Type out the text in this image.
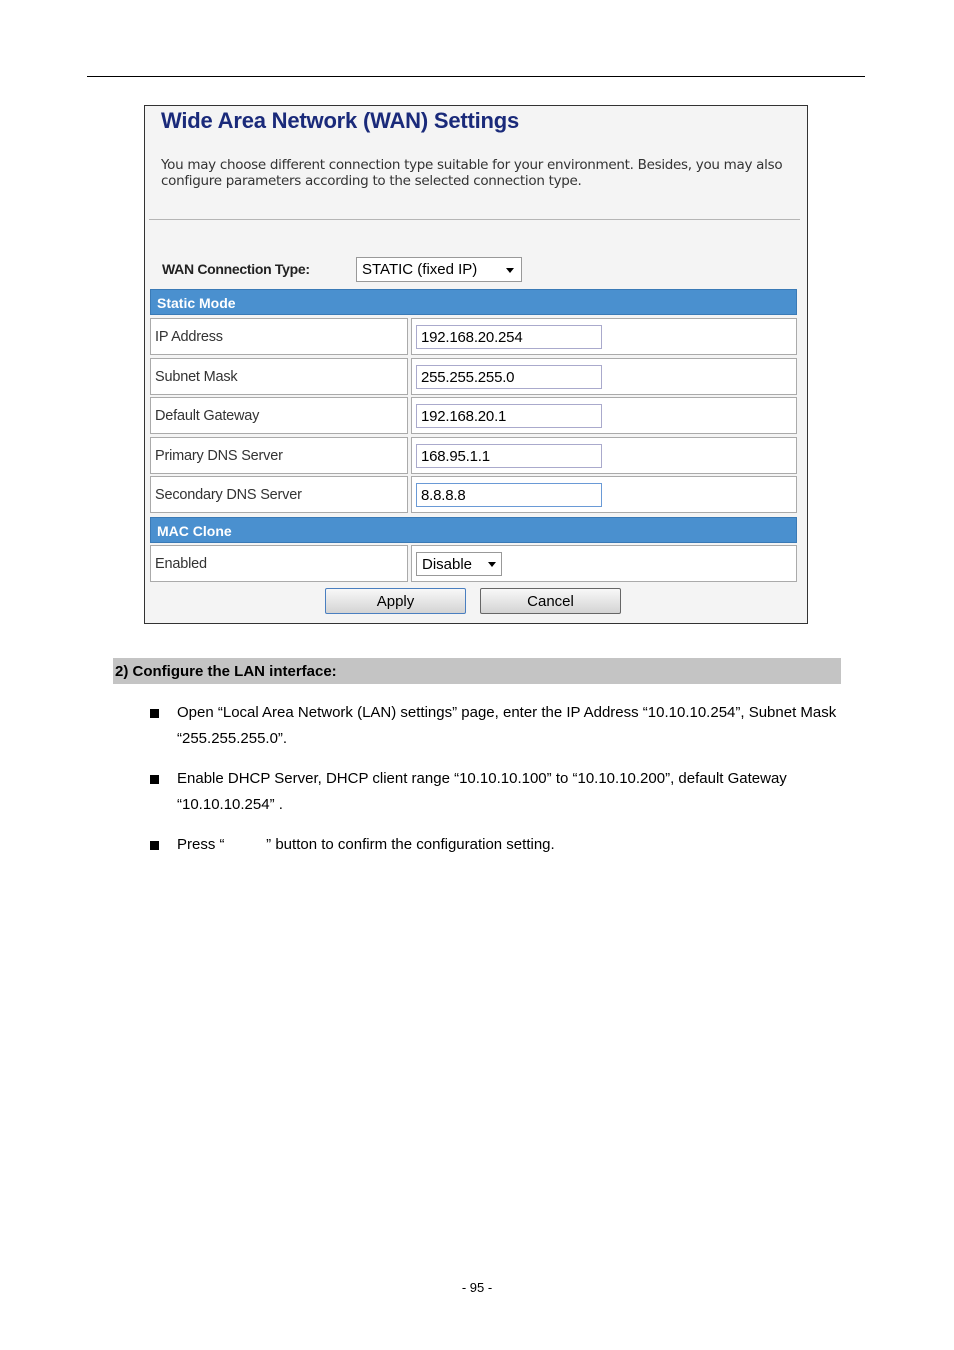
Wide Area Network (WAN) Settings
You may choose different connection type suitable for your environment. Besides, you may also configure parameters according to the selected connection type.
WAN Connection Type:	STATIC (fixed IP)
Static Mode
IP Address	192.168.20.254
Subnet Mask	255.255.255.0
Default Gateway	192.168.20.1
Primary DNS Server	168.95.1.1
Secondary DNS Server	8.8.8.8
MAC Clone
Enabled	Disable
Apply	Cancel
2) Configure the LAN interface:
Open “Local Area Network (LAN) settings” page, enter the IP Address “10.10.10.254”, Subnet Mask “255.255.255.0”.
Enable DHCP Server, DHCP client range “10.10.10.100” to “10.10.10.200”, default Gateway “10.10.10.254” .
Press “          ” button to confirm the configuration setting.
- 95 -
